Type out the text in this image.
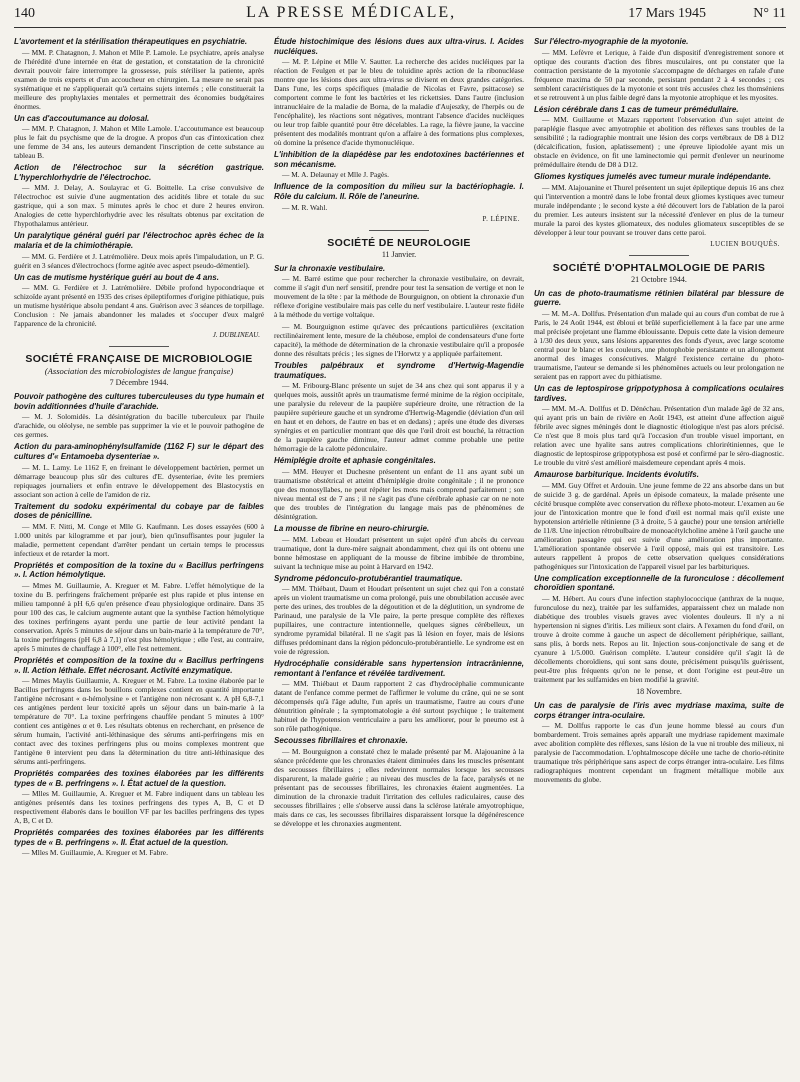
140	LA PRESSE MÉDICALE,	17 Mars 1945	N° 11
L'avortement et la stérilisation thérapeutiques en psychiatrie.

— MM. P. Chatagnon, J. Mahon et Mlle P. Lamole. Le psychiatre, après analyse de l'hérédité d'une internée en état de gestation, et constatation de la chronicité devrait pouvoir faire interrompre la grossesse, puis stériliser la patiente, après examen de trois experts et d'un accoucheur en chirurgien. La mesure ne serait pas systématique et ne s'appliquerait qu'à certains sujets internés ; elle constituerait la meilleure des prophylaxies mentales et permettrait des économies budgétaires énormes.

Un cas d'accoutumance au dolosal.

— MM. P. Chatagnon, J. Mahon et Mlle Lamole. L'accoutumance est beaucoup plus le fait du psychisme que de la drogue. A propos d'un cas d'intoxication chez une femme de 34 ans, les auteurs demandent l'inscription de cette substance au tableau B.

Action de l'électrochoc sur la sécrétion gastrique. L'hyperchlorhydrie de l'électrochoc.

— MM. J. Delay, A. Soulayrac et G. Boittelle. La crise convulsive de l'électrochoc est suivie d'une augmentation des acidités libre et totale du suc gastrique, qui a son max. 5 minutes après le choc et dure 2 heures environ. Analogies de cette hyperchlorhydrie avec les résultats obtenus par excitation de l'hypothalamus antérieur.

Un paralytique général guéri par l'électrochoc après échec de la malaria et de la chimiothérapie.

— MM. G. Ferdière et J. Latrémolière. Deux mois après l'impaludation, un P. G. guérit en 3 séances d'électrochocs (forme agitée avec aspect pseudo-démentiel).

Un cas de mutisme hystérique guéri au bout de 4 ans.

— MM. G. Ferdière et J. Latrémolière. Débile profond hypocondriaque et schizoïde ayant présenté en 1935 des crises épileptiformes d'origine pithiatique, puis un mutisme hystérique absolu pendant 4 ans. Guérison avec 3 séances de torpillage. Conclusion : Ne jamais abandonner les malades et s'occuper d'eux malgré l'apparence de la chronicité.

J. DUBLINEAU.
SOCIÉTÉ FRANÇAISE DE MICROBIOLOGIE
(Association des microbiologistes de langue française)
7 Décembre 1944.
Pouvoir pathogène des cultures tuberculeuses du type humain et bovin additionnées d'huile d'arachide.

— M. J. Solomidès. La désintégration du bacille tuberculeux par l'huile d'arachide, ou oléolyse, ne semble pas supprimer la vie et le pouvoir pathogène de ces germes.

Action du para-aminophénylsulfamide (1162 F) sur le départ des cultures d'« Entamoeba dysenteriae ».

— M. L. Lamy. Le 1162 F, en freinant le développement bactérien, permet un démarrage beaucoup plus sûr des cultures d'E. dysenteriae, évite les premiers repiquages journaliers et enfin entrave le développement des Blastocystis en associant son action à celle de l'amidon de riz.

Traitement du sodoku expérimental du cobaye par de faibles doses de pénicilline.

— MM. F. Nitti, M. Conge et Mlle G. Kaufmann. Les doses essayées (600 à 1.000 unités par kilogramme et par jour), bien qu'insuffisantes pour juguler la maladie, permettent cependant d'arrêter pendant un certain temps le processus infectieux et de retarder la mort.

Propriétés et composition de la toxine du « Bacillus perfringens ». I. Action hémolytique.

— Mmes M. Guillaumie, A. Kreguer et M. Fabre. L'effet hémolytique de la toxine du B. perfringens fraîchement préparée est plus rapide et plus intense en milieu tamponné à pH 6,6 qu'en présence d'eau physiologique ordinaire. Dans 35 pour 100 des cas, le calcium augmente autant que la synthèse l'action hémolytique des toxines perfringens ayant perdu une partie de leur activité pendant la conservation. Après 5 minutes de séjour dans un bain-marie à la température de 70°, la toxine perfringens (pH 6,8 à 7,1) n'est plus hémolytique ; elle l'est, au contraire, après 5 minutes de chauffage à 100°, elle l'est nettement.

Propriétés et composition de la toxine du « Bacillus perfringens ». II. Action léthale. Effet nécrosant. Activité enzymatique.

— Mmes Maylis Guillaumie, A. Kreguer et M. Fabre. La toxine élaborée par le Bacillus perfringens dans les bouillons complexes contient en quantité importante l'antigène nécrosant « α-hémolysine » et l'antigène non nécrosant κ. A pH 6,8-7,1 ces antigènes perdent leur toxicité après un séjour dans un bain-marie à la température de 70°. La toxine perfringens chauffée pendant 5 minutes à 100° contient ces antigènes α et θ. Les résultats obtenus en recherchant, en présence de sérum humain, l'activité anti-léthinasique des sérums anti-perfringens mis en contact avec des toxines perfringens plus ou moins complexes montrent que l'antigène θ intervient peu dans la détermination du titre anti-léthinasique des sérums anti-perfringens.

Propriétés comparées des toxines élaborées par les différents types de « B. perfringens ». I. État actuel de la question.

— Mlles M. Guillaumie, A. Kreguer et M. Fabre indiquent dans un tableau les antigènes présentés dans les toxines perfringens des types A, B, C et D respectivement élaborés dans le bouillon VF par les bacilles perfringens des types A, B, C et D.

Propriétés comparées des toxines élaborées par les différents types de « B. perfringens ». II. État actuel de la question.

— Mlles M. Guillaumie, A. Kreguer et M. Fabre.

Étude histochimique des lésions dues aux ultra-virus. I. Acides nucléiques.

— M. P. Lépine et Mlle V. Sautter. La recherche des acides nucléiques par la réaction de Feulgen et par le bleu de toluidine après action de la ribonucléase montre que les lésions dues aux ultra-virus se divisent en deux grandes catégories. Dans l'une, les corps spécifiques (maladie de Nicolas et Favre, psittacose) se comportent comme le font les bactéries et les rickettsies. Dans l'autre (inclusion intranucléaire de la maladie de Borna, de la maladie d'Aujeszky, de l'herpès ou de l'encéphalite), les réactions sont négatives, montrant l'absence d'acides nucléiques ou leur trop faible quantité pour être décelables. La rage, la fièvre jaune, la vaccine présentent des modalités montrant qu'on a affaire à des formations plus complexes, où domine la présence d'acide thymonucléique.

L'inhibition de la diapédèse par les endotoxines bactériennes et son mécanisme.

— M. A. Delaunay et Mlle J. Pagès.

Influence de la composition du milieu sur la bactériophagie. I. Rôle du calcium. II. Rôle de l'aneurine.

— M. R. Wahl.

P. LÉPINE.
SOCIÉTÉ DE NEUROLOGIE
11 Janvier.
Sur la chronaxie vestibulaire.

— M. Barré estime que pour rechercher la chronaxie vestibulaire, on devrait, comme il s'agit d'un nerf sensitif, prendre pour test la sensation de vertige et non le mouvement de la tête : par la méthode de Bourguignon, on obtient la chronaxie d'un réflexe d'origine vestibulaire mais pas celle du nerf vestibulaire. L'auteur reste fidèle à la méthode du vertige voltaïque.

— M. Bourguignon estime qu'avec des précautions particulières (excitation rectilinéairement lente, mesure de la chéubose, emploi de condensateurs d'une forte capacité), la méthode de détermination de la chronaxie vestibulaire qu'il a proposée donne des résultats précis ; les signes de l'Horwtz y a appliquée parfaitement.

Troubles palpébraux et syndrome d'Hertwig-Magendie traumatiques.

— M. Fribourg-Blanc présente un sujet de 34 ans chez qui sont apparus il y a quelques mois, aussitôt après un traumatisme fermé minime de la région occipitale, une paralysie du releveur de la paupière supérieure droite, une rétraction de la paupière supérieure gauche et un syndrome d'Hertwig-Magendie (déviation d'un œil en haut et en dehors, de l'autre en bas et en dedans) ; après une étude des diverses synérgies et en particulier montrant que dès que l'œil droit est bouché, la rétraction de la paupière gauche diminue, l'auteur admet comme probable une petite hémorragie de la calotte pédonculaire.

Hémiplégie droite et aphasie congénitales.

— MM. Heuyer et Duchesne présentent un enfant de 11 ans ayant subi un traumatisme obstétrical et atteint d'hémiplégie droite congénitale ; il ne prononce que des monosyllabes, ne peut répéter les mots mais comprend parfaitement ; son niveau mental est de 7 ans ; il ne s'agit pas d'une cérébrale aphasie car on ne note que des troubles de l'intégration du langage mais pas de phénomènes de désintégration.

La mousse de fibrine en neuro-chirurgie.

— MM. Lebeau et Houdart présentent un sujet opéré d'un abcès du cerveau traumatique, dont la dure-mère saignait abondamment, chez qui ils ont obtenu une bonne hémostase en appliquant de la mousse de fibrine imbibée de thrombine, suivant la technique mise au point à Harvard en 1942.

Syndrome pédonculo-protubérantiel traumatique.

— MM. Thiébaut, Daum et Houdart présentent un sujet chez qui l'on a constaté après un violent traumatisme un coma prolongé, puis une obnubilation accusée avec perte des urines, des troubles de la dégoutition et de la déglutition, un syndrome de Parinaud, une paralysie de la VIe paire, la perte presque complète des réflexes pupillaires, une contracture intentionnelle, quelques signes cérébelleux, un syndrome pyramidal bilatéral. Il ne s'agit pas là lésion en foyer, mais de lésions diffuses prédominant dans la région pédonculo-protubérantielle. Le syndrome est en voie de régression.

Hydrocéphalie considérable sans hypertension intracrânienne, remontant à l'enfance et révélée tardivement.

— MM. Thiébaut et Daum rapportent 2 cas d'hydrocéphalie communicante datant de l'enfance comme permet de l'affirmer le volume du crâne, qui ne se sont décompensés qu'à l'âge adulte, l'un après un traumatisme, l'autre au cours d'une dénutrition générale ; la symptomatologie a été surtout psychique ; le traitement habituel de l'hypotension ventriculaire a paru les améliorer, pour le pneumo est à son rôle pathogénique.

Secousses fibrillaires et chronaxie.

— M. Bourguignon a constaté chez le malade présenté par M. Alajouanine à la séance précédente que les chronaxies étaient diminuées dans les muscles présentant des secousses fibrillaires ; elles redevinrent normales lorsque les secousses disparurent, la malade guérie ; au niveau des muscles de la face, paralysés et ne présentant pas de secousses fibrillaires, les chronaxies étaient augmentées. La diminution de la chronaxie traduit l'irritation des cellules radiculaires, cause des secousses fibrillaires ; elle s'observe aussi dans la sclérose latérale amyotrophique, mais dans ce cas, les secousses fibrillaires disparaissent lorsque la dégénérescence se développe et les chronaxies augmentent.

Sur l'électro-myographie de la myotonie.

— MM. Lefèvre et Lerique, à l'aide d'un dispositif d'enregistrement sonore et optique des courants d'action des fibres musculaires, ont pu constater que la contraction persistante de la myotonie s'accompagne de décharges en rafale d'une fréquence maxima de 50 par seconde, persistant pendant 2 à 4 secondes ; ces semblent caractéristiques de la myotonie et sont très accusées chez les thomséniens et se retrouvent à un plus faible degré dans la myotonie atrophique et les myosites.

Lésion cérébrale dans 1 cas de tumeur prémédullaire.

— MM. Guillaume et Mazars rapportent l'observation d'un sujet atteint de paraplégie flasque avec amyotrophie et abolition des réflexes sans troubles de la sensibilité ; la radiographie montrait une lésion des corps vertébraux de D8 à D12 (décalcification, fusion, aplatissement) ; une épreuve lipiodolée ayant mis un obstacle en évidence, on fit une laminectomie qui permit d'enlever un neurinome prémédullaire étendu de D8 à D12.

Gliomes kystiques jumelés avec tumeur murale indépendante.

— MM. Alajouanine et Thurel présentent un sujet épileptique depuis 16 ans chez qui l'intervention a montré dans le lobe frontal deux gliomes kystiques avec tumeur murale indépendante ; le second kyste a été découvert lors de l'ablation de la paroi du premier. Les auteurs insistent sur la nécessité d'enlever en plus de la tumeur murale la paroi des kystes gliomateux, des nodules gliomateux susceptibles de se développer à leur tour pouvant se trouver dans cette paroi.

LUCIEN BOUQUÈS.
SOCIÉTÉ D'OPHTALMOLOGIE DE PARIS
21 Octobre 1944.
Un cas de photo-traumatisme rétinien bilatéral par blessure de guerre.

— M. M.-A. Dollfus. Présentation d'un malade qui au cours d'un combat de rue à Paris, le 24 Août 1944, est ébloui et brûlé superficiellement à la face par une arme mal précisée projetant une flamme éblouissante. Depuis cette date la vision demeure à 1/30 des deux yeux, sans lésions apparentes des fonds d'yeux, avec large scotome central pour le blanc et les couleurs, une photophobie persistante et un allongement anormal des images consécutives. Malgré l'existence certaine du photo-traumatisme, l'auteur se demande si les phénomènes actuels ou leur prolongation ne seraient pas en rapport avec du pithiatisme.

Un cas de leptospirose grippotyphosa à complications oculaires tardives.

— MM. M.-A. Dollfus et D. Dénéchau. Présentation d'un malade âgé de 32 ans, qui ayant pris un bain de rivière en Août 1943, est atteint d'une affection aiguë fébrile avec signes méningés dont le diagnostic étiologique n'est pas alors précisé. Ce n'est que 8 mois plus tard qu'à l'occasion d'un trouble visuel important, en relation avec une hyalite sans autres complications chlorirétiniennes, que le diagnostic de leptospirose grippotyphosa est posé et confirmé par le séro-diagnostic. Le trouble du vitré s'est amélioré maisdemeure cependant après 4 mois.

Amaurose barbiturique. Incidents évolutifs.

— MM. Guy Offret et Ardouin. Une jeune femme de 22 ans absorbe dans un but de suicide 3 g. de gardénal. Après un épisode comateux, la malade présente une cécité brusque complète avec conservation du réflexe photo-moteur. L'examen au 6e jour de l'intoxication montre que le fond d'œil est normal mais qu'il existe une hypotension artérielle rétinienne (3 à droite, 5 à gauche) pour une tension artérielle de 11/8. Une injection rétrobulbaire de monoacétylcholine amène à l'œil gauche une amélioration passagère qui est suivie d'une amélioration plus importante. L'amélioration spontanée observée à l'œil opposé, mais qui est transitoire. Les auteurs rappellent à propos de cette observation quelques considérations pathogéniques sur l'intoxication de l'appareil visuel par les barbituriques.

Une complication exceptionnelle de la furonculose : décollement choroïdien spontané.

— M. Hébert. Au cours d'une infection staphylococcique (anthrax de la nuque, furonculose du nez), traitée par les sulfamides, apparaissent chez un malade non diabétique des troubles visuels graves avec violentes douleurs. Il n'y a ni hypertension ni signes d'iritis. Les milieux sont clairs. A l'examen du fond d'œil, on trouve à droite comme à gauche un aspect de décollement périphérique, saillant, sans plis, à bords nets. Repos au lit. Injection sous-conjonctivale de sang et de cyanure à 1/5.000. Guérison complète. L'auteur considère qu'il s'agit là de décollements choroïdiens, qui sont sans doute, précisément puisqu'ils guérissent, peut-être plus fréquents qu'on ne le pense, et dont l'origine est peut-être un traitement par les sulfamides en bien modifié la gravité.

18 Novembre.
Un cas de paralysie de l'iris avec mydriase maxima, suite de corps étranger intra-oculaire.

— M. Dollfus rapporte le cas d'un jeune homme blessé au cours d'un bombardement. Trois semaines après apparaît une mydriase rapidement maximale avec abolition complète des réflexes, sans lésion de la vue ni trouble des milieux, ni paralysie de l'accommodation. L'ophtalmoscope décèle une tache de chorio-rétinite traumatique très périphérique sans aspect de corps étranger intra-oculaire. Les films radiographiques montrent cependant un fragment métallique mobile aux mouvements du globe.
